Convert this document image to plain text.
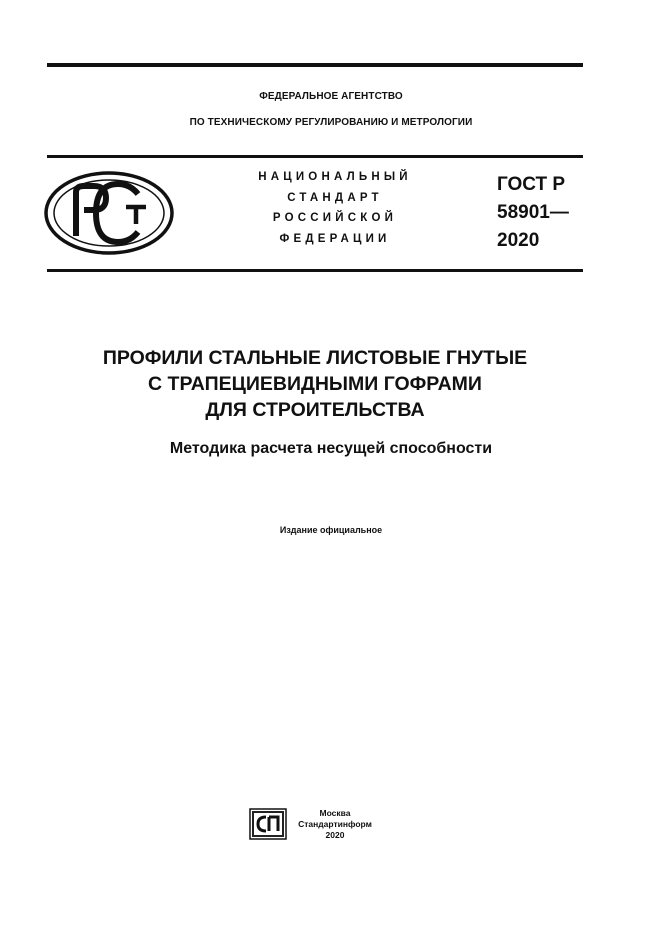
ФЕДЕРАЛЬНОЕ АГЕНТСТВО
ПО ТЕХНИЧЕСКОМУ РЕГУЛИРОВАНИЮ И МЕТРОЛОГИИ
НАЦИОНАЛЬНЫЙ
СТАНДАРТ
РОССИЙСКОЙ
ФЕДЕРАЦИИ
ГОСТ Р
58901—
2020
ПРОФИЛИ СТАЛЬНЫЕ ЛИСТОВЫЕ ГНУТЫЕ
С ТРАПЕЦИЕВИДНЫМИ ГОФРАМИ
ДЛЯ СТРОИТЕЛЬСТВА
Методика расчета несущей способности
Издание официальное
Москва
Стандартинформ
2020
